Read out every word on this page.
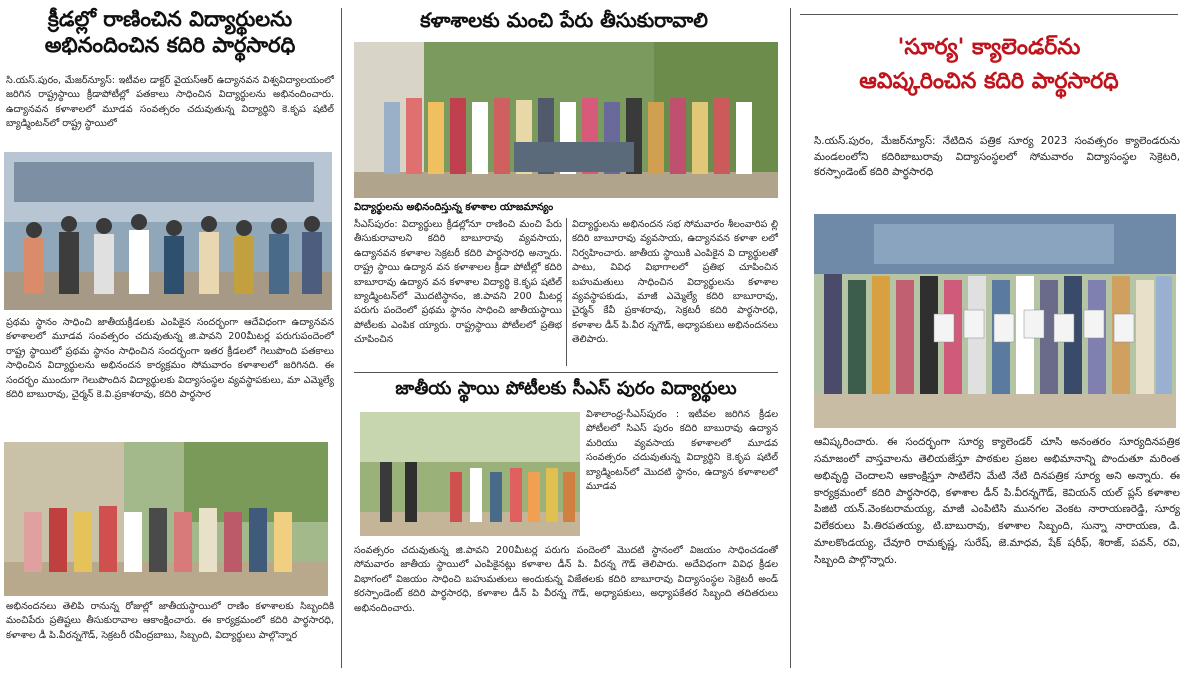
క్రీడల్లో రాణించిన విద్యార్థులను
అభినందించిన కదిరి పార్థసారధి
సి.యస్.పురం, మేజర్‌న్యూస్: ఇటీవల డాక్టర్ వైయస్ఆర్ ఉద్యానవన విశ్వవిద్యాలయంలో జరిగిన రాష్ట్రస్థాయి క్రీడాపోటీల్లో పతకాలు సాధించిన విద్యార్థులను అభినందించారు. ఉద్యానవన కళాశాలలో మూడవ సంవత్సరం చదువుతున్న విద్యార్థిని కె.కృప షటిల్ బ్యాడ్మింటన్‌లో రాష్ట్ర స్థాయిలో
ప్రథమ స్థానం సాధించి జాతీయక్రీడలకు ఎంపికైన సందర్భంగా ఆదేవిధంగా ఉద్యానవన కళాశాలలో మూడవ సంవత్సరం చదువుతున్న జి.పావని 200మీటర్ల పరుగుపందెంలో రాష్ట్ర స్థాయిలో ప్రథమ స్థానం సాధించిన సందర్భంగా ఇతర క్రీడలలో గెలుపొంది పతకాలు సాధించిన విద్యార్థులను అభినందన కార్యక్రమం సోమవారం కళాశాలలో జరిగినది. ఈ సందర్భం ముందుగా గెలుపొందిన విద్యార్థులకు విద్యాసంస్థల వ్యవస్థాపకులు, మా ఎమ్మెల్యే కదిరి బాబురావు, చైర్మన్ కె.వి.ప్రకాశరావు, కదిరి పార్థసార
అభినందనలు తెలిపి రానున్న రోజుల్లో జాతీయస్థాయిలో రాణిం కళాశాలకు సిబ్బందికి మంచిపేరు ప్రతిష్టలు తీసుకురావాల ఆకాంక్షించారు. ఈ కార్యక్రమంలో కదిరి పార్థసారధి, కళాశాల డీ పి.వీరన్నగౌడ్, సెక్రటరీ రవీంద్రబాబు, సిబ్బంది, విద్యార్థులు పాల్గొన్నార
కళాశాలకు మంచి పేరు తీసుకురావాలి
విద్యార్థులను అభినందిస్తున్న కళాశాల యాజమాన్యం
సీఎస్‌పురం: విద్యార్థులు క్రీడల్లోనూ రాణించి మంచి పేరు తీసుకురావాలని కదిరి బాబూరావు వ్యవసాయ, ఉద్యానవన కళాశాల సెక్రటరీ కదిరి పార్థసారధి అన్నారు. రాష్ట్ర స్థాయి ఉద్యాన వన కళాశాలల క్రీడా పోటీల్లో కదిరి బాబూరావు ఉద్యాన వన కళాశాల విద్యార్థి కె.కృప షటిల్ బ్యాడ్మింటన్‌లో మొదటిస్థానం, జి.పావని 200 మీటర్ల పరుగు పందెంలో ప్రథమ స్థానం సాధించి జాతీయస్థాయి పోటీలకు ఎంపిక య్యారు. రాష్ట్రస్థాయి పోటీలలో ప్రతిభ చూపించిన
విద్యార్థులను అభినందన సభ సోమవారం శీలంవారిప ల్లి కదిరి బాబూరావు వ్యవసాయ, ఉద్యానవన కళాశా లలో నిర్వహించారు. జాతీయ స్థాయికి ఎంపికైన వి ద్యార్థులతో పాటు, వివిధ విభాగాలలో ప్రతిభ చూపించిన బహుమతులు సాధించిన విద్యార్థులను కళాశాల వ్యవస్థాపకుడు, మాజీ ఎమ్మెల్యే కదిరి బాబూరావు, చైర్మన్ కేవీ ప్రకాశరావు, సెక్రటరీ కదిరి పార్థసారధి, కళాశాల డీన్ పి.వీర న్నగౌడ్, అధ్యాపకులు అభినందనలు తెలిపారు.
జాతీయ స్థాయి పోటీలకు సీఎస్ పురం విద్యార్థులు
విశాలాంధ్ర-సీఎస్‌పురం : ఇటీవల జరిగిన క్రీడల పోటీలలో సిఎస్ పురం కదిరి బాబురావు ఉద్యాన మరియు వ్యవసాయ కళాశాలలో మూడవ సంవత్సరం చదువుతున్న విద్యార్థిని కె.కృప షటిల్ బ్యాడ్మింటన్‌లో మొదటి స్థానం, ఉద్యాన కళాశాలలో మూడవ
సంవత్సరం చదువుతున్న జి.పావని 200మీటర్ల పరుగు పందెంలో మొదటి స్థానంలో విజయం సాధించడంతో సోమవారం జాతీయ స్థాయిలో ఎంపికైనట్లు కళాశాల డీన్ పి. వీరన్న గౌడ్ తెలిపారు. అదేవిధంగా వివిధ క్రీడల విభాగంలో విజయం సాధించి బహుమతులు అందుకున్న విజేతలకు కదిరి బాబూరావు విద్యాసంస్థల సెక్రెటరీ అండ్ కరస్పాండెంట్ కదిరి పార్థసారధి, కళాశాల డీన్ పి వీరన్న గౌడ్, అధ్యాపకులు, అధ్యాపకేతర సిబ్బంది తదితరులు అభినందించారు.
'సూర్య' క్యాలెండర్‌ను
ఆవిష్కరించిన కదిరి పార్థసారధి
సి.యస్.పురం, మేజర్‌న్యూస్: నేటిదిన పత్రిక సూర్య 2023 సంవత్సరం క్యాలెండరును మండలంలోని కదిరిబాబురావు విద్యాసంస్థలలో సోమవారం విద్యాసంస్థల సెక్రెటరి, కరస్పాండెంట్ కదిరి పార్థసారధి
ఆవిష్కరించారు. ఈ సందర్భంగా సూర్య క్యాలెండర్ చూసి అనంతరం సూర్యదినపత్రిక సమాజంలో వాస్తవాలను తెలియజేస్తూ పాఠకుల ప్రజల అభిమానాన్ని పొందుతూ మరింత అభివృద్ధి చెందాలని ఆకాంక్షిస్తూ సాటిలేని మేటి నేటి దినపత్రిక సూర్య అని అన్నారు. ఈ కార్యక్రమంలో కదిరి పార్థసారధి, కళాశాల డీన్ పి.వీరన్నగౌడ్, కెవియన్ యల్ ప్లస్ కళాశాల పిజిటి యన్.వెంకటరామయ్య, మాజీ ఎంపిటిసి మునగల వెంకట నారాయణరెడ్డి, సూర్య విలేకరులు పి.తిరపతయ్య, టి.బాబురావు, కళాశాల సిబ్బంది, సున్నా నారాయణ, డి. మాలకొండయ్య, చేవూరి రామకృష్ణ, సురేష్, జె.మాధవ, షేక్ షరీఫ్, శిరాజ్, పవన్, రవి, సిబ్బంది పాల్గొన్నారు.
